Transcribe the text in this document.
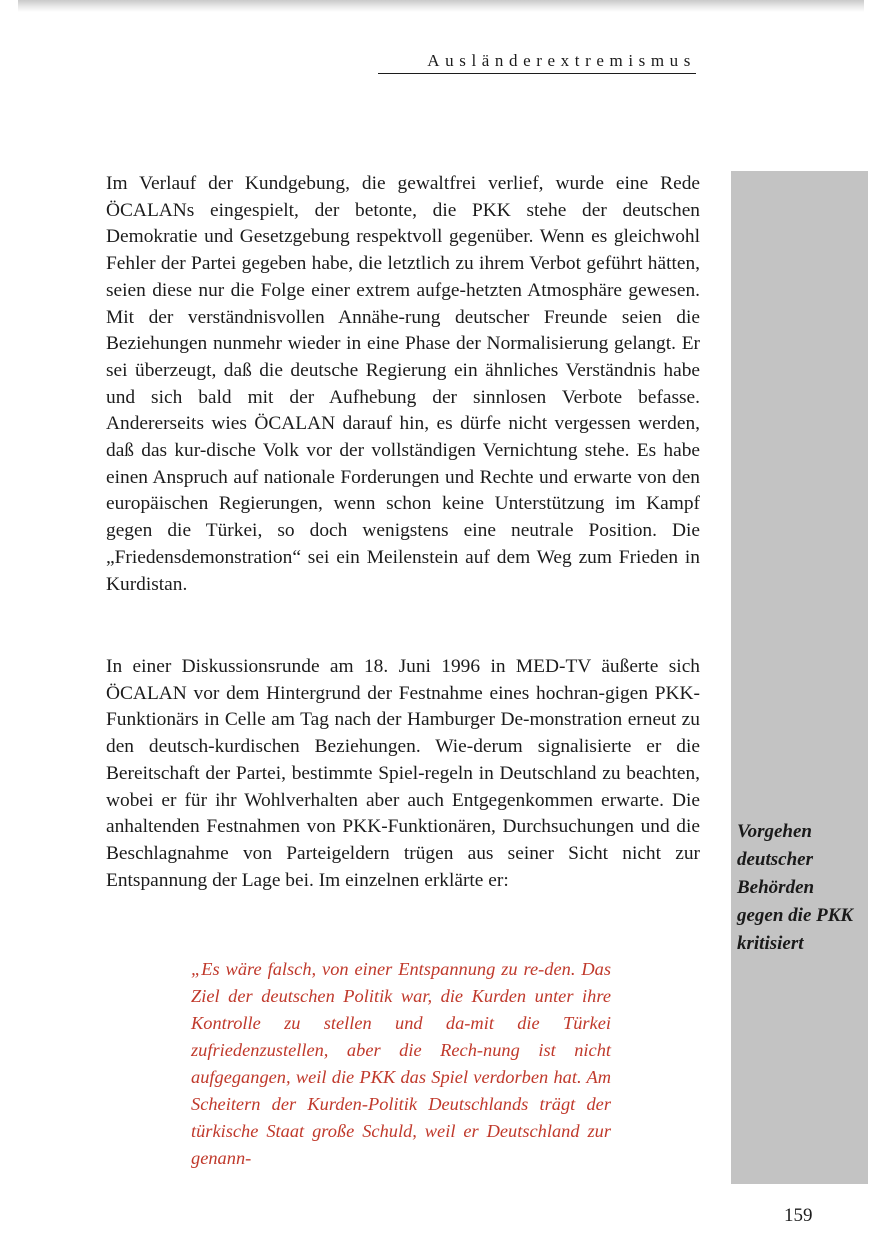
Ausländerextremismus

Im Verlauf der Kundgebung, die gewaltfrei verlief, wurde eine Rede ÖCALANs eingespielt, der betonte, die PKK stehe der deutschen Demokratie und Gesetzgebung respektvoll gegenüber. Wenn es gleichwohl Fehler der Partei gegeben habe, die letztlich zu ihrem Verbot geführt hätten, seien diese nur die Folge einer extrem aufge-hetzten Atmosphäre gewesen. Mit der verständnisvollen Annähe-rung deutscher Freunde seien die Beziehungen nunmehr wieder in eine Phase der Normalisierung gelangt. Er sei überzeugt, daß die deutsche Regierung ein ähnliches Verständnis habe und sich bald mit der Aufhebung der sinnlosen Verbote befasse. Andererseits wies ÖCALAN darauf hin, es dürfe nicht vergessen werden, daß das kur-dische Volk vor der vollständigen Vernichtung stehe. Es habe einen Anspruch auf nationale Forderungen und Rechte und erwarte von den europäischen Regierungen, wenn schon keine Unterstützung im Kampf gegen die Türkei, so doch wenigstens eine neutrale Position. Die „Friedensdemonstration“ sei ein Meilenstein auf dem Weg zum Frieden in Kurdistan.

In einer Diskussionsrunde am 18. Juni 1996 in MED-TV äußerte sich ÖCALAN vor dem Hintergrund der Festnahme eines hochran-gigen PKK-Funktionärs in Celle am Tag nach der Hamburger De-monstration erneut zu den deutsch-kurdischen Beziehungen. Wie-derum signalisierte er die Bereitschaft der Partei, bestimmte Spiel-regeln in Deutschland zu beachten, wobei er für ihr Wohlverhalten aber auch Entgegenkommen erwarte. Die anhaltenden Festnahmen von PKK-Funktionären, Durchsuchungen und die Beschlagnahme von Parteigeldern trügen aus seiner Sicht nicht zur Entspannung der Lage bei. Im einzelnen erklärte er:

„Es wäre falsch, von einer Entspannung zu re-den. Das Ziel der deutschen Politik war, die Kurden unter ihre Kontrolle zu stellen und da-mit die Türkei zufriedenzustellen, aber die Rech-nung ist nicht aufgegangen, weil die PKK das Spiel verdorben hat. Am Scheitern der Kurden-Politik Deutschlands trägt der türkische Staat große Schuld, weil er Deutschland zur genann-

Vorgehen deutscher Behörden gegen die PKK kritisiert
159
